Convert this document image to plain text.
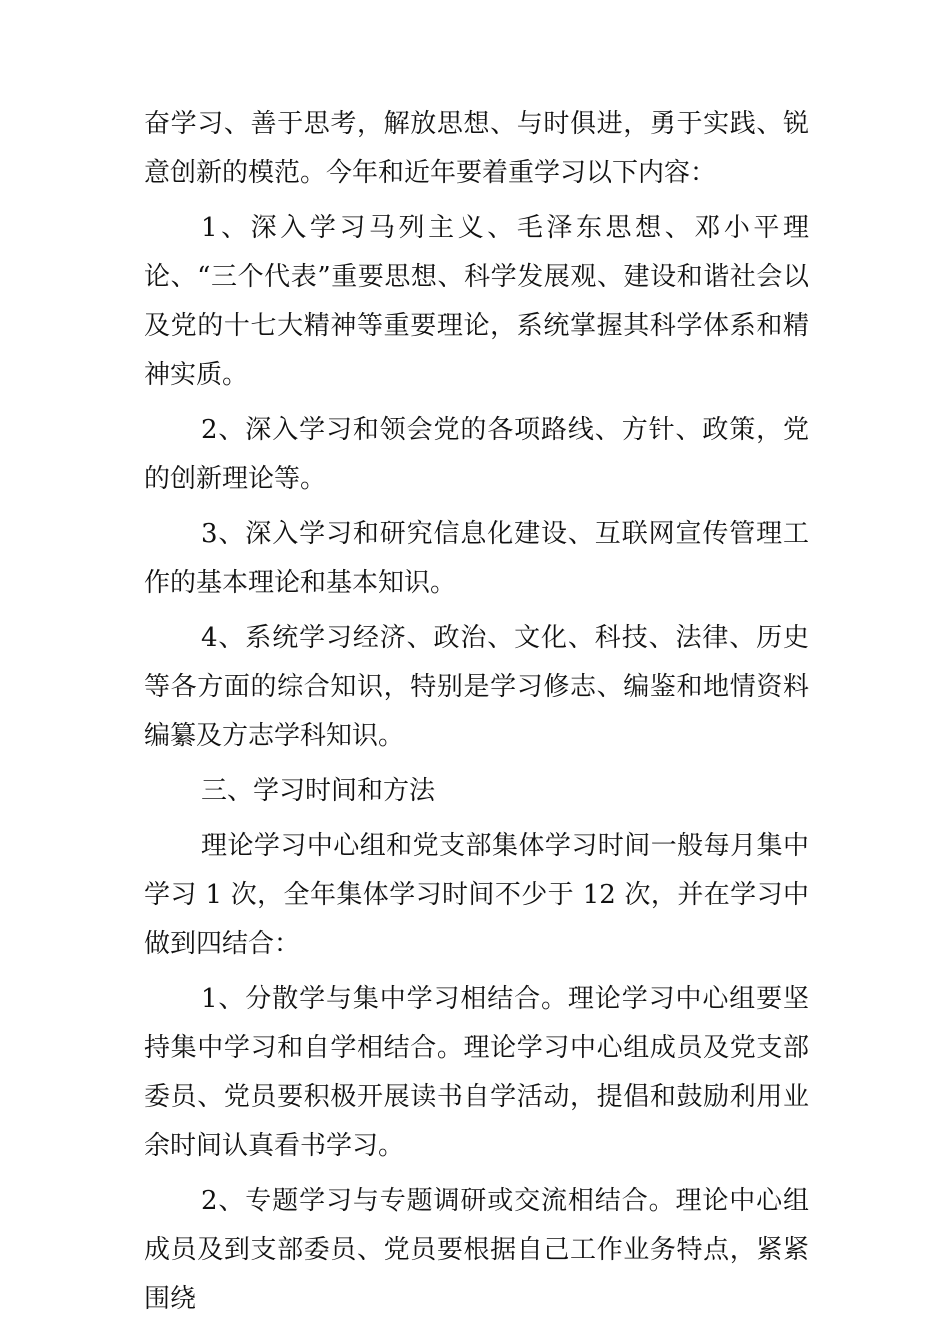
奋学习、善于思考，解放思想、与时俱进，勇于实践、锐意创新的模范。今年和近年要着重学习以下内容：

1、深入学习马列主义、毛泽东思想、邓小平理论、“三个代表”重要思想、科学发展观、建设和谐社会以及党的十七大精神等重要理论，系统掌握其科学体系和精神实质。

2、深入学习和领会党的各项路线、方针、政策，党的创新理论等。

3、深入学习和研究信息化建设、互联网宣传管理工作的基本理论和基本知识。

4、系统学习经济、政治、文化、科技、法律、历史等各方面的综合知识，特别是学习修志、编鉴和地情资料编纂及方志学科知识。

三、学习时间和方法

理论学习中心组和党支部集体学习时间一般每月集中学习 1 次，全年集体学习时间不少于 12 次，并在学习中做到四结合：

1、分散学与集中学习相结合。理论学习中心组要坚持集中学习和自学相结合。理论学习中心组成员及党支部委员、党员要积极开展读书自学活动，提倡和鼓励利用业余时间认真看书学习。

2、专题学习与专题调研或交流相结合。理论中心组成员及到支部委员、党员要根据自己工作业务特点，紧紧围绕
